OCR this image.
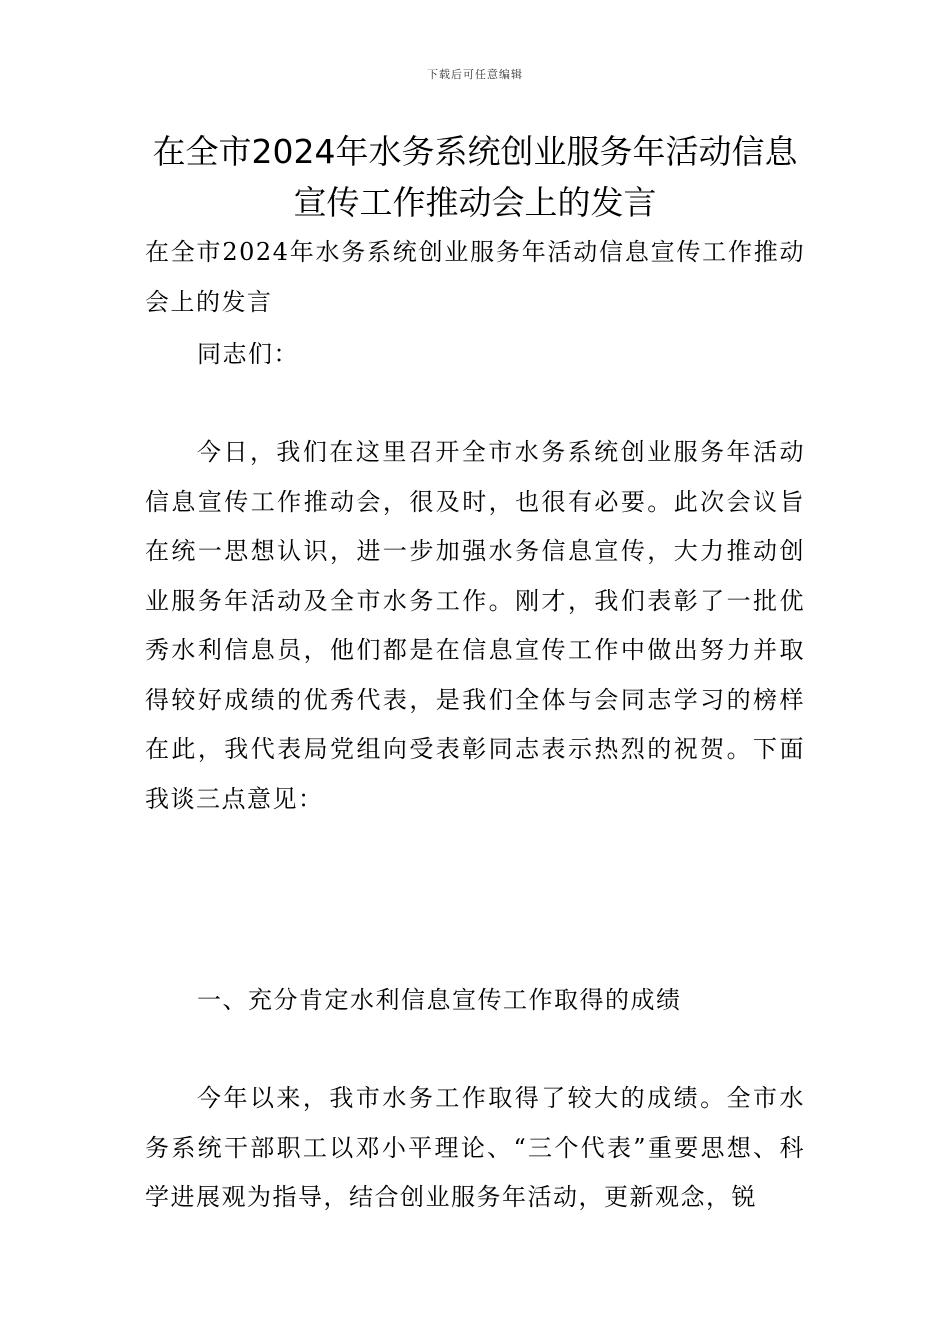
下载后可任意编辑
在全市2024年水务系统创业服务年活动信息宣传工作推动会上的发言

在全市2024年水务系统创业服务年活动信息宣传工作推动会上的发言

同志们：

今日，我们在这里召开全市水务系统创业服务年活动信息宣传工作推动会，很及时，也很有必要。此次会议旨在统一思想认识，进一步加强水务信息宣传，大力推动创业服务年活动及全市水务工作。刚才，我们表彰了一批优秀水利信息员，他们都是在信息宣传工作中做出努力并取得较好成绩的优秀代表，是我们全体与会同志学习的榜样在此，我代表局党组向受表彰同志表示热烈的祝贺。下面我谈三点意见：

一、充分肯定水利信息宣传工作取得的成绩

今年以来，我市水务工作取得了较大的成绩。全市水务系统干部职工以邓小平理论、“三个代表”重要思想、科学进展观为指导，结合创业服务年活动，更新观念，锐
